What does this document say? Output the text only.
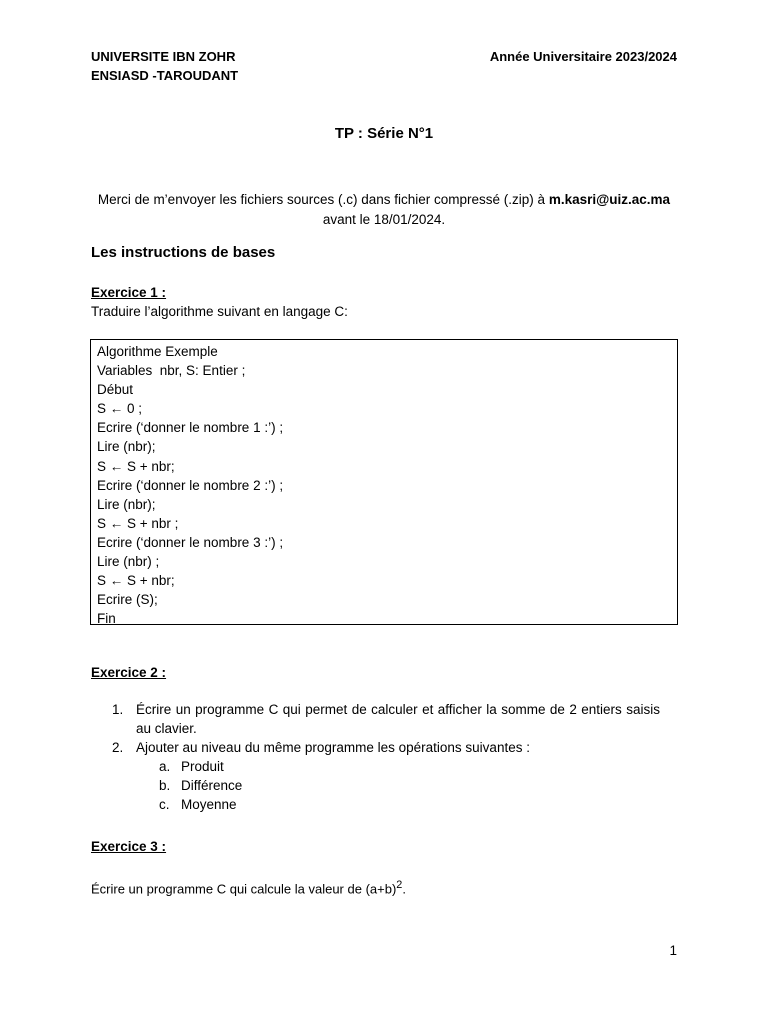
UNIVERSITE IBN ZOHR
ENSIASD -TAROUDANT
Année Universitaire 2023/2024
TP : Série N°1
Merci de m’envoyer les fichiers sources (.c) dans fichier compressé (.zip) à m.kasri@uiz.ac.ma
avant le 18/01/2024.
Les instructions de bases
Exercice 1 :
Traduire l’algorithme suivant en langage C:
Algorithme Exemple
Variables  nbr, S: Entier ;
Début
S ← 0 ;
Ecrire (‘donner le nombre 1 :’) ;
Lire (nbr);
S ← S + nbr;
Ecrire (‘donner le nombre 2 :’) ;
Lire (nbr);
S ← S + nbr ;
Ecrire (‘donner le nombre 3 :’) ;
Lire (nbr) ;
S ← S + nbr;
Ecrire (S);
Fin
Exercice 2 :
1. Écrire un programme C qui permet de calculer et afficher la somme de 2 entiers saisis au clavier.
2. Ajouter au niveau du même programme les opérations suivantes :
a. Produit
b. Différence
c. Moyenne
Exercice 3 :
Écrire un programme C qui calcule la valeur de $(a+b)^2$.
1
